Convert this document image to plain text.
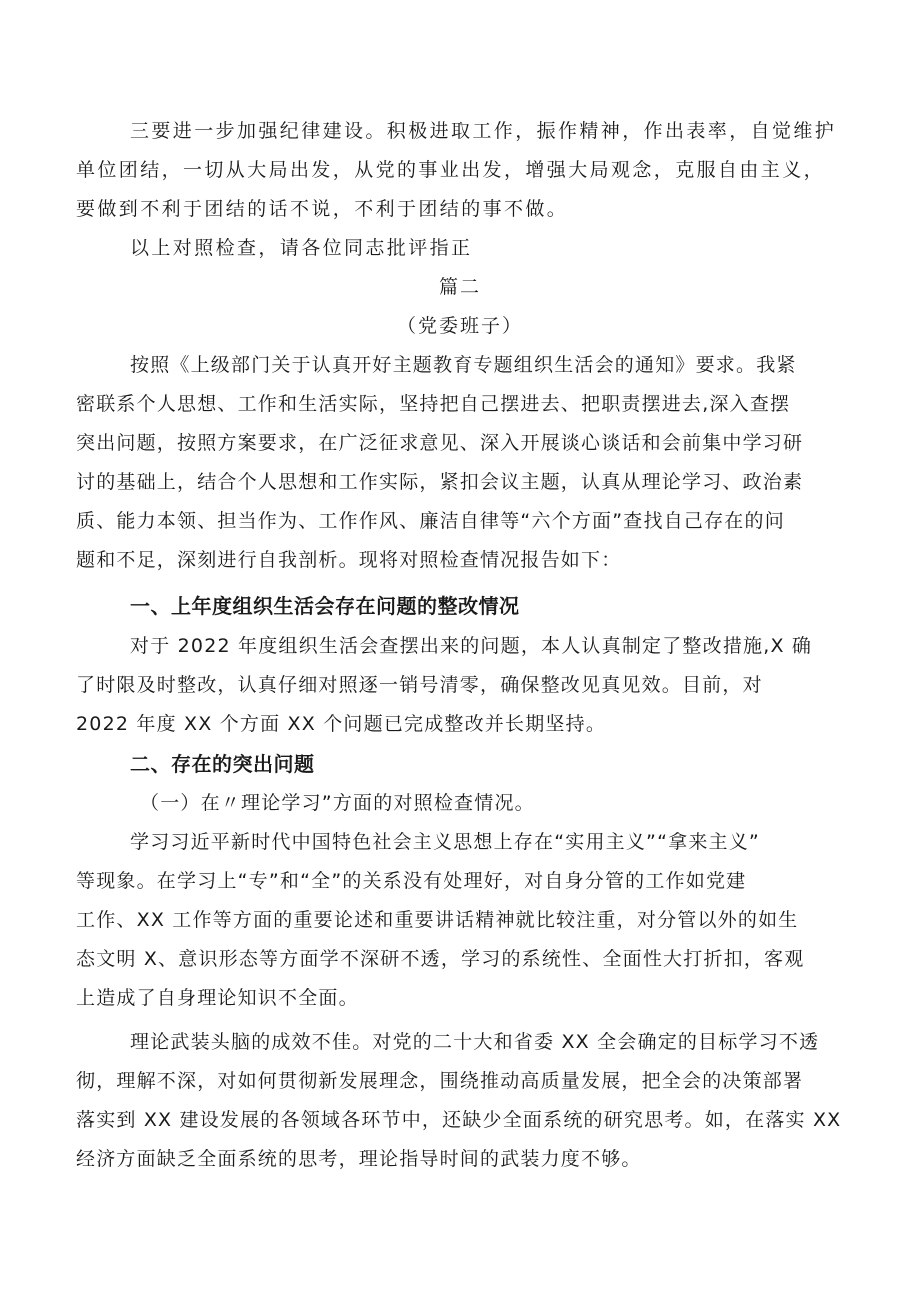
三要进一步加强纪律建设。积极进取工作，振作精神，作出表率，自觉维护
单位团结，一切从大局出发，从党的事业出发，增强大局观念，克服自由主义，
要做到不利于团结的话不说，不利于团结的事不做。
以上对照检查，请各位同志批评指正
篇二
（党委班子）
按照《上级部门关于认真开好主题教育专题组织生活会的通知》要求。我紧
密联系个人思想、工作和生活实际，坚持把自己摆进去、把职责摆进去,深入查摆
突出问题，按照方案要求，在广泛征求意见、深入开展谈心谈话和会前集中学习研
讨的基础上，结合个人思想和工作实际，紧扣会议主题，认真从理论学习、政治素
质、能力本领、担当作为、工作作风、廉洁自律等“六个方面”查找自己存在的问
题和不足，深刻进行自我剖析。现将对照检查情况报告如下：
一、上年度组织生活会存在问题的整改情况
对于 2022 年度组织生活会查摆出来的问题，本人认真制定了整改措施,X 确
了时限及时整改，认真仔细对照逐一销号清零，确保整改见真见效。目前，对
2022 年度 XX 个方面 XX 个问题已完成整改并长期坚持。
二、存在的突出问题
（一）在〃理论学习”方面的对照检查情况。
学习习近平新时代中国特色社会主义思想上存在“实用主义”“拿来主义”
等现象。在学习上“专”和“全”的关系没有处理好，对自身分管的工作如党建
工作、XX 工作等方面的重要论述和重要讲话精神就比较注重，对分管以外的如生
态文明 X、意识形态等方面学不深研不透，学习的系统性、全面性大打折扣，客观
上造成了自身理论知识不全面。
理论武装头脑的成效不佳。对党的二十大和省委 XX 全会确定的目标学习不透
彻，理解不深，对如何贯彻新发展理念，围绕推动高质量发展，把全会的决策部署
落实到 XX 建设发展的各领域各环节中，还缺少全面系统的研究思考。如，在落实 XX
经济方面缺乏全面系统的思考，理论指导时间的武装力度不够。
